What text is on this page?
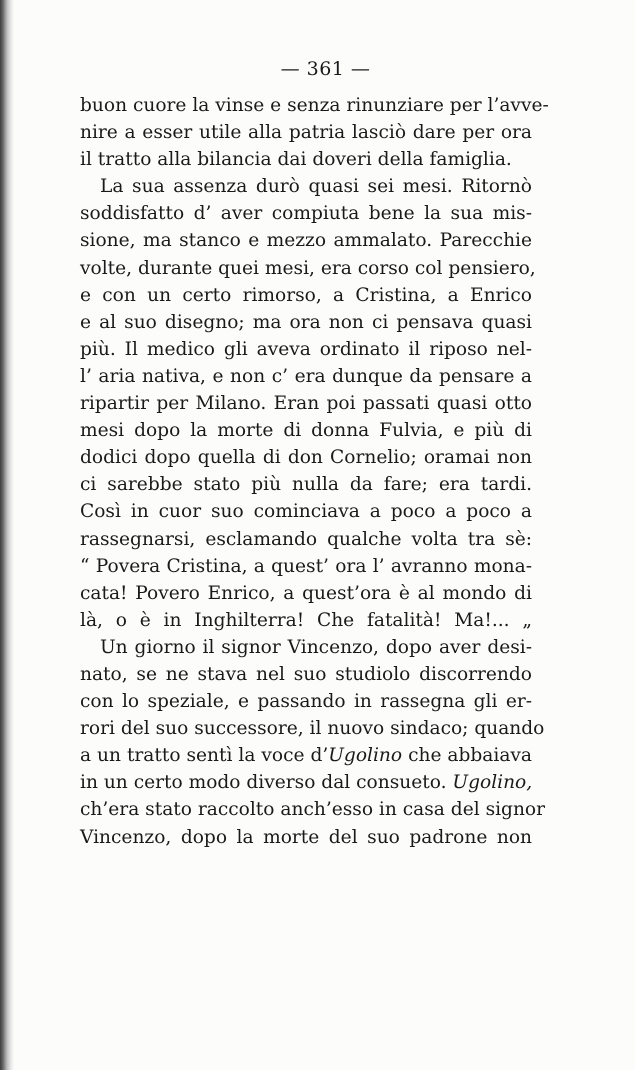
— 361 —
buon cuore la vinse e senza rinunziare per l’avve-
nire a esser utile alla patria lasciò dare per ora
il tratto alla bilancia dai doveri della famiglia.
La sua assenza durò quasi sei mesi. Ritornò
soddisfatto d’ aver compiuta bene la sua mis-
sione, ma stanco e mezzo ammalato. Parecchie
volte, durante quei mesi, era corso col pensiero,
e con un certo rimorso, a Cristina, a Enrico
e al suo disegno; ma ora non ci pensava quasi
più. Il medico gli aveva ordinato il riposo nel-
l’ aria nativa, e non c’ era dunque da pensare a
ripartir per Milano. Eran poi passati quasi otto
mesi dopo la morte di donna Fulvia, e più di
dodici dopo quella di don Cornelio; oramai non
ci sarebbe stato più nulla da fare; era tardi.
Così in cuor suo cominciava a poco a poco a
rassegnarsi, esclamando qualche volta tra sè:
“ Povera Cristina, a quest’ ora l’ avranno mona-
cata! Povero Enrico, a quest’ora è al mondo di
là, o è in Inghilterra! Che fatalità! Ma!... „
Un giorno il signor Vincenzo, dopo aver desi-
nato, se ne stava nel suo studiolo discorrendo
con lo speziale, e passando in rassegna gli er-
rori del suo successore, il nuovo sindaco; quando
a un tratto sentì la voce d’Ugolino che abbaiava
in un certo modo diverso dal consueto. Ugolino,
ch’era stato raccolto anch’esso in casa del signor
Vincenzo, dopo la morte del suo padrone non
